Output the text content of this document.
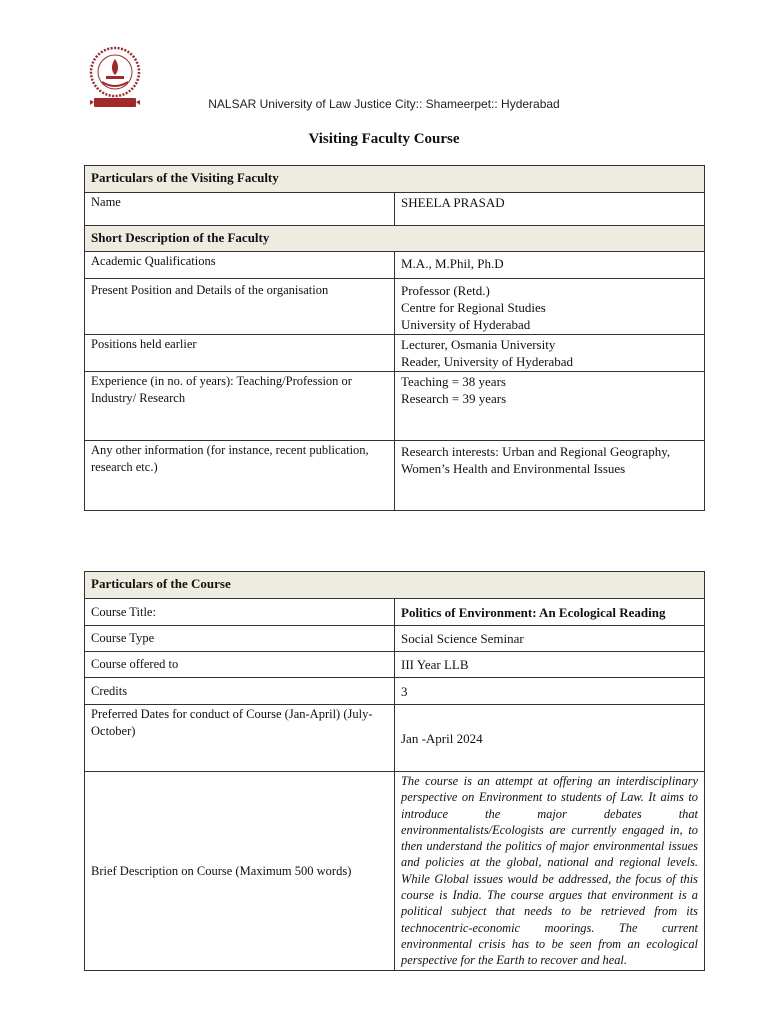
NALSAR University of Law Justice City:: Shameerpet:: Hyderabad
Visiting Faculty Course
Particulars of the Visiting Faculty	
Name	SHEELA PRASAD
Short Description of the Faculty	
Academic Qualifications	M.A., M.Phil, Ph.D
Present Position and Details of the organisation	Professor (Retd.)
Centre for Regional Studies
University of Hyderabad

Positions held earlier	Lecturer, Osmania University
Reader, University of Hyderabad

Experience (in no. of years): Teaching/Profession or Industry/ Research	Teaching = 38 years
Research = 39 years

Any other information (for instance, recent publication, research etc.)	Research interests: Urban and Regional Geography, Women’s Health and Environmental Issues
Particulars of the Course	
Course Title:	Politics of Environment: An Ecological Reading
Course Type	Social Science Seminar
Course offered to	III Year LLB
Credits	3
Preferred Dates for conduct of Course (Jan-April) (July-October)	Jan -April 2024
Brief Description on Course (Maximum 500 words)	The course is an attempt at offering an interdisciplinary perspective on Environment to students of Law. It aims to introduce the major debates that environmentalists/Ecologists are currently engaged in, to then understand the politics of major environmental issues and policies at the global, national and regional levels. While Global issues would be addressed, the focus of this course is India. The course argues that environment is a political subject that needs to be retrieved from its technocentric-economic moorings. The current environmental crisis has to be seen from an ecological perspective for the Earth to recover and heal.
